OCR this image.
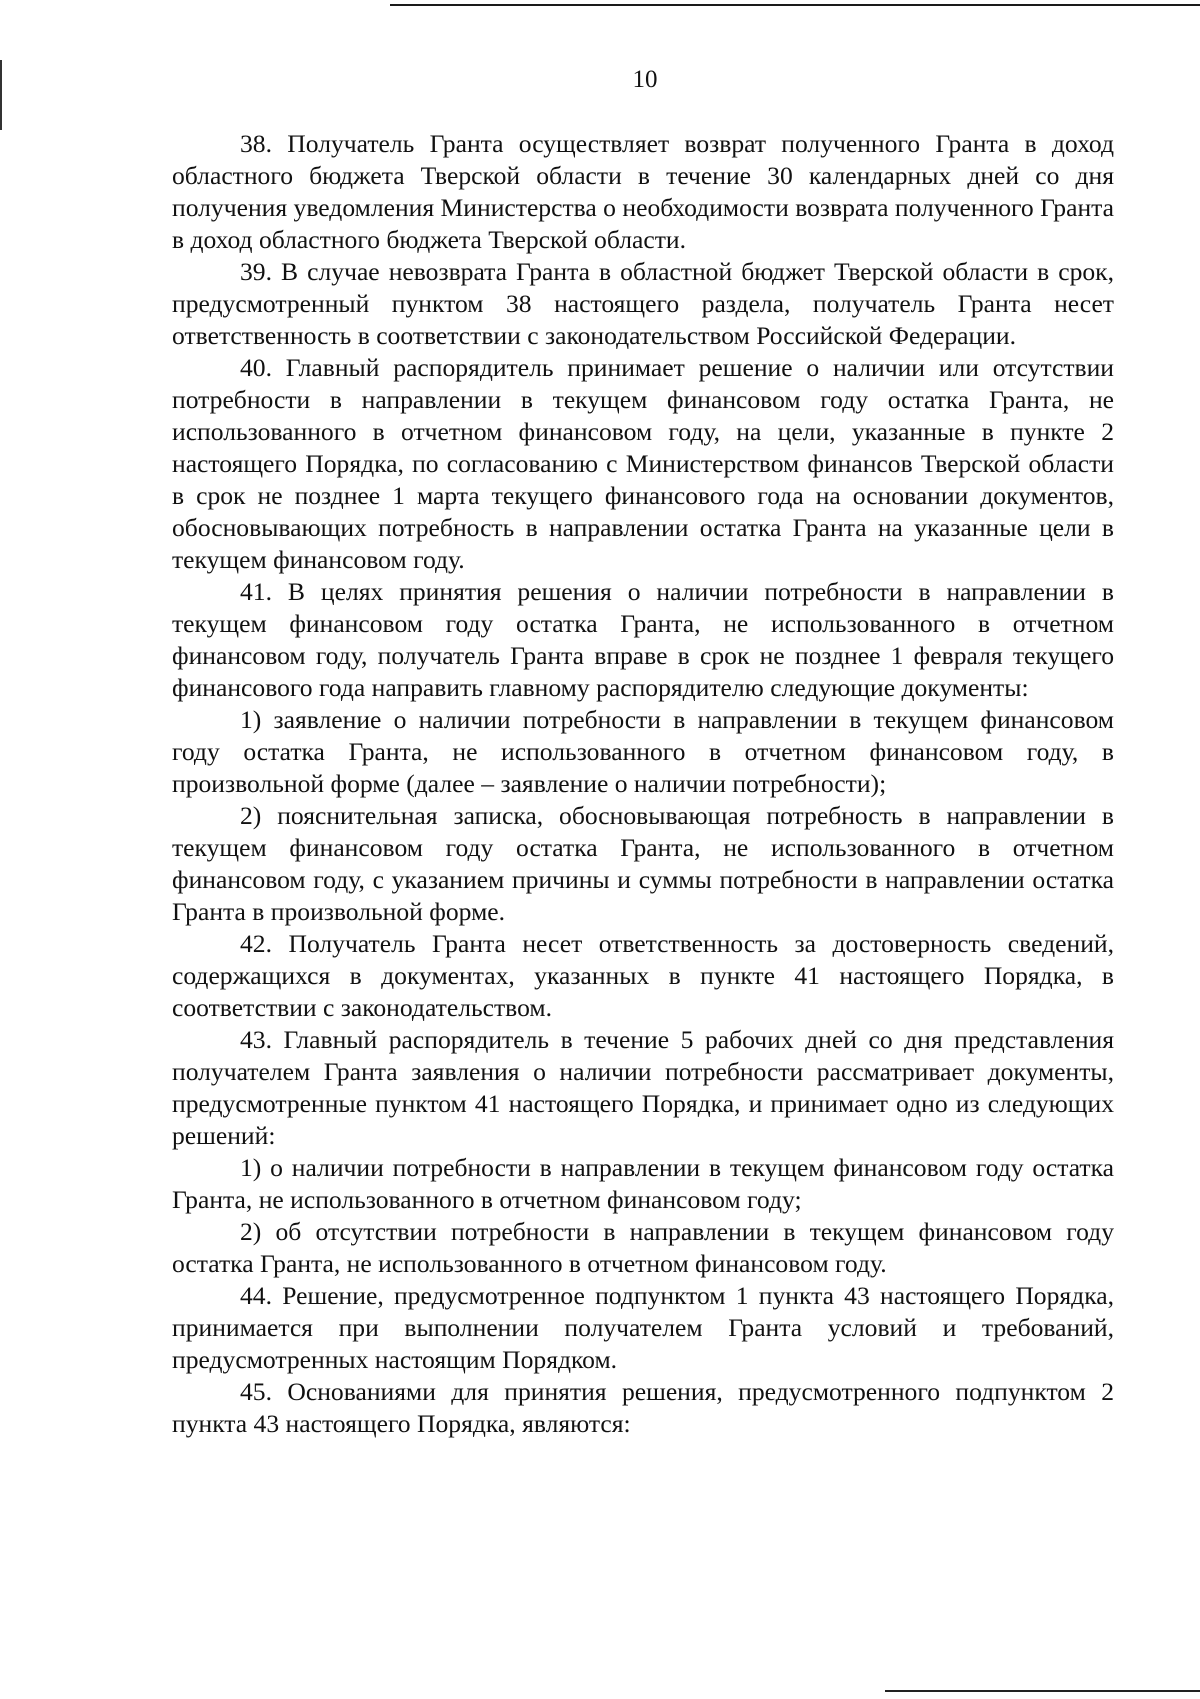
10

38. Получатель Гранта осуществляет возврат полученного Гранта в доход областного бюджета Тверской области в течение 30 календарных дней со дня получения уведомления Министерства о необходимости возврата полученного Гранта в доход областного бюджета Тверской области.

39. В случае невозврата Гранта в областной бюджет Тверской области в срок, предусмотренный пунктом 38 настоящего раздела, получатель Гранта несет ответственность в соответствии с законодательством Российской Федерации.

40. Главный распорядитель принимает решение о наличии или отсутствии потребности в направлении в текущем финансовом году остатка Гранта, не использованного в отчетном финансовом году, на цели, указанные в пункте 2 настоящего Порядка, по согласованию с Министерством финансов Тверской области в срок не позднее 1 марта текущего финансового года на основании документов, обосновывающих потребность в направлении остатка Гранта на указанные цели в текущем финансовом году.

41. В целях принятия решения о наличии потребности в направлении в текущем финансовом году остатка Гранта, не использованного в отчетном финансовом году, получатель Гранта вправе в срок не позднее 1 февраля текущего финансового года направить главному распорядителю следующие документы:

1) заявление о наличии потребности в направлении в текущем финансовом году остатка Гранта, не использованного в отчетном финансовом году, в произвольной форме (далее – заявление о наличии потребности);

2) пояснительная записка, обосновывающая потребность в направлении в текущем финансовом году остатка Гранта, не использованного в отчетном финансовом году, с указанием причины и суммы потребности в направлении остатка Гранта в произвольной форме.

42. Получатель Гранта несет ответственность за достоверность сведений, содержащихся в документах, указанных в пункте 41 настоящего Порядка, в соответствии с законодательством.

43. Главный распорядитель в течение 5 рабочих дней со дня представления получателем Гранта заявления о наличии потребности рассматривает документы, предусмотренные пунктом 41 настоящего Порядка, и принимает одно из следующих решений:

1) о наличии потребности в направлении в текущем финансовом году остатка Гранта, не использованного в отчетном финансовом году;

2) об отсутствии потребности в направлении в текущем финансовом году остатка Гранта, не использованного в отчетном финансовом году.

44. Решение, предусмотренное подпунктом 1 пункта 43 настоящего Порядка, принимается при выполнении получателем Гранта условий и требований, предусмотренных настоящим Порядком.

45. Основаниями для принятия решения, предусмотренного подпунктом 2 пункта 43 настоящего Порядка, являются:
